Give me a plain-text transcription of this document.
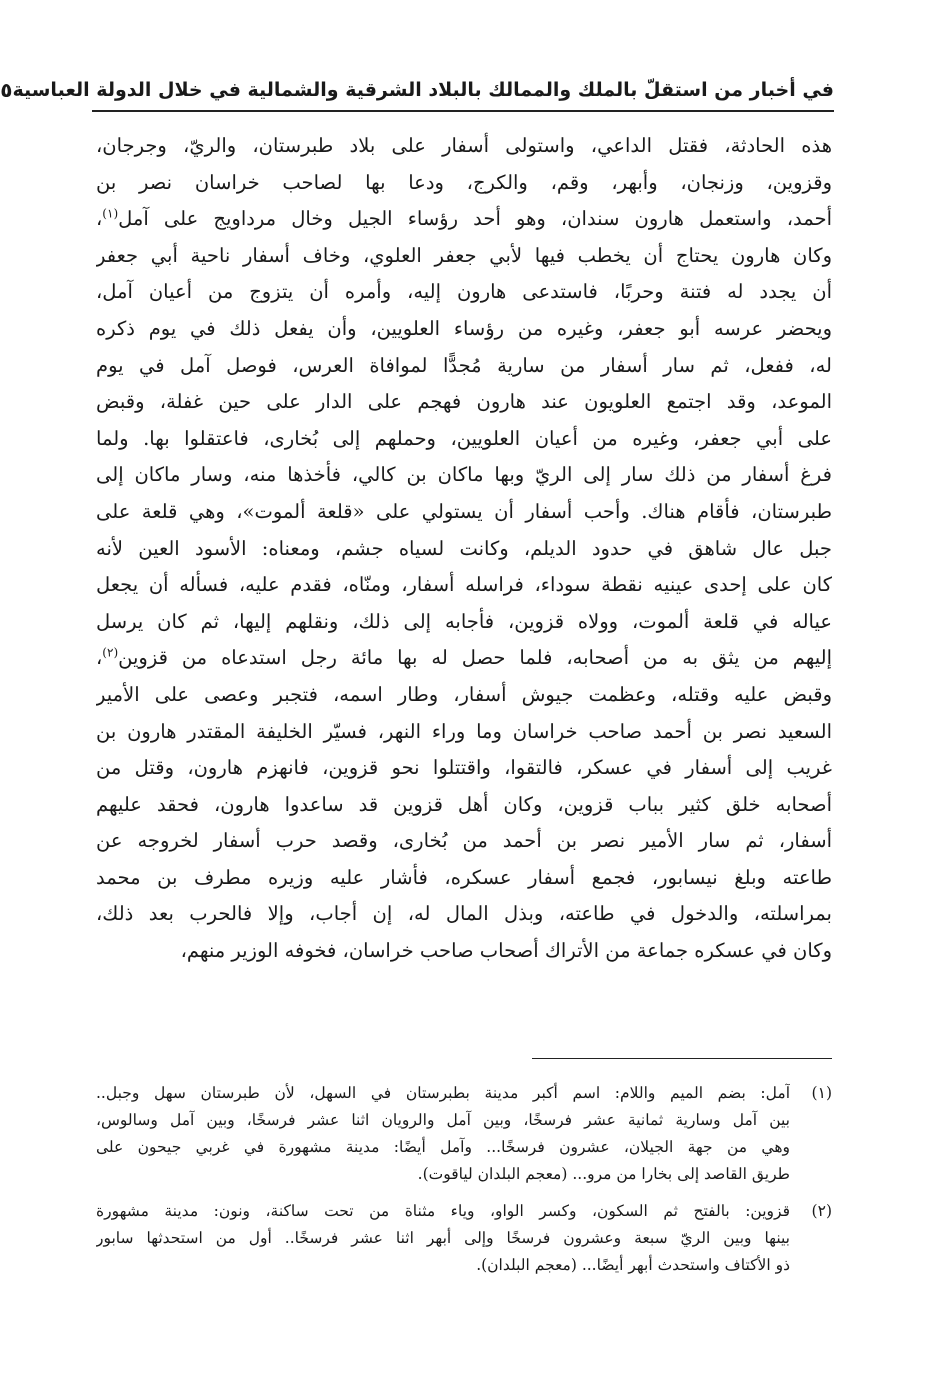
في أخبار من استقلّ بالملك والممالك بالبلاد الشرقية والشمالية في خلال الدولة العباسية
٥
هذه الحادثة، فقتل الداعي، واستولى أسفار على بلاد طبرستان، والريّ، وجرجان،
وقزوين، وزنجان، وأبهر، وقم، والكرج، ودعا بها لصاحب خراسان نصر بن
أحمد، واستعمل هارون سندان، وهو أحد رؤساء الجيل وخال مرداويج على آمل$^{(١)}$،
وكان هارون يحتاج أن يخطب فيها لأبي جعفر العلوي، وخاف أسفار ناحية أبي جعفر
أن يجدد له فتنة وحربًا، فاستدعى هارون إليه، وأمره أن يتزوج من أعيان آمل،
ويحضر عرسه أبو جعفر، وغيره من رؤساء العلويين، وأن يفعل ذلك في يوم ذكره
له، ففعل، ثم سار أسفار من سارية مُجدًّا لموافاة العرس، فوصل آمل في يوم
الموعد، وقد اجتمع العلويون عند هارون فهجم على الدار على حين غفلة، وقبض
على أبي جعفر، وغيره من أعيان العلويين، وحملهم إلى بُخارى، فاعتقلوا بها. ولما
فرغ أسفار من ذلك سار إلى الريّ وبها ماكان بن كالي، فأخذها منه، وسار ماكان إلى
طبرستان، فأقام هناك. وأحب أسفار أن يستولي على «قلعة ألموت»، وهي قلعة على
جبل عال شاهق في حدود الديلم، وكانت لسياه جشم، ومعناه: الأسود العين لأنه
كان على إحدى عينيه نقطة سوداء، فراسله أسفار، ومنّاه، فقدم عليه، فسأله أن يجعل
عياله في قلعة ألموت، وولاه قزوين، فأجابه إلى ذلك، ونقلهم إليها، ثم كان يرسل
إليهم من يثق به من أصحابه، فلما حصل له بها مائة رجل استدعاه من قزوين$^{(٢)}$،
وقبض عليه وقتله، وعظمت جيوش أسفار، وطار اسمه، فتجبر وعصى على الأمير
السعيد نصر بن أحمد صاحب خراسان وما وراء النهر، فسيّر الخليفة المقتدر هارون بن
غريب إلى أسفار في عسكر، فالتقوا، واقتتلوا نحو قزوين، فانهزم هارون، وقتل من
أصحابه خلق كثير بباب قزوين، وكان أهل قزوين قد ساعدوا هارون، فحقد عليهم
أسفار، ثم سار الأمير نصر بن أحمد من بُخارى، وقصد حرب أسفار لخروجه عن
طاعته وبلغ نيسابور، فجمع أسفار عسكره، فأشار عليه وزيره مطرف بن محمد
بمراسلته، والدخول في طاعته، وبذل المال له، إن أجاب، وإلا فالحرب بعد ذلك،
وكان في عسكره جماعة من الأتراك أصحاب صاحب خراسان، فخوفه الوزير منهم،
(١)
آمل: بضم الميم واللام: اسم أكبر مدينة بطبرستان في السهل، لأن طبرستان سهل وجبل..
بين آمل وسارية ثمانية عشر فرسخًا، وبين آمل والرويان اثنا عشر فرسخًا، وبين آمل وسالوس،
وهي من جهة الجيلان، عشرون فرسخًا... وآمل أيضًا: مدينة مشهورة في غربي جيحون على
طريق القاصد إلى بخارا من مرو... (معجم البلدان لياقوت).
(٢)
قزوين: بالفتح ثم السكون، وكسر الواو، وياء مثناة من تحت ساكنة، ونون: مدينة مشهورة
بينها وبين الريّ سبعة وعشرون فرسخًا وإلى أبهر اثنا عشر فرسخًا.. أول من استحدثها سابور
ذو الأكتاف واستحدث أبهر أيضًا... (معجم البلدان).
